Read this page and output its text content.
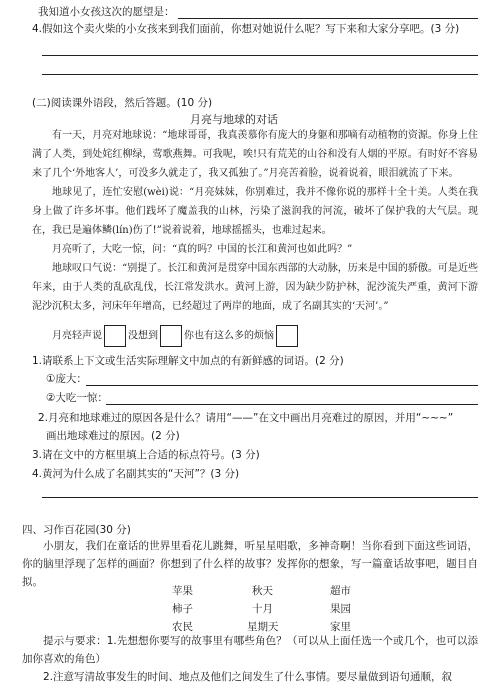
我知道小女孩这次的愿望是：
4.假如这个卖火柴的小女孩来到我们面前，你想对她说什么呢？写下来和大家分享吧。(3 分)
(二)阅读课外语段，然后答题。(10 分)
月亮与地球的对话

有一天，月亮对地球说：“地球哥哥，我真羡慕你有庞大的身躯和那嘀有动植物的资源。你身上住满了人类，到处姹红柳绿，莺歌燕舞。可我呢，唉!只有荒芜的山谷和没有人烟的平原。有时好不容易来了几个‘外地客人’，可没多久就走了，我又孤独了。”月亮苦着脸，说着说着，眼泪就流了下来。

地球见了，连忙安慰(wèi)说：“月亮妹妹，你别难过，我并不像你说的那样十全十美。人类在我身上做了许多坏事。他们践坏了魔盖我的山林，污染了滋润我的河流，破坏了保护我的大气层。现在，我已是遍体鳞(lín)伤了!”说着说着，地球摇摇头，也难过起来。

月亮听了，大吃一惊，问：“真的吗？中国的长江和黄河也如此吗？”

地球叹口气说：“别提了。长江和黄河是贯穿中国东西部的大动脉，历来是中国的骄傲。可是近些年来，由于人类的乱砍乱伐，长江常发洪水。黄河上游，因为缺少防护林，泥沙流失严重，黄河下游泥沙沉积太多，河床年年增高，已经超过了两岸的地面，成了名副其实的‘天河’。”

月亮轻声说	没想到	你也有这么多的烦恼
1.请联系上下文或生活实际理解文中加点的有新鲜感的词语。(2 分)
①庞大：
②大吃一惊：
2.月亮和地球难过的原因各是什么？请用“——”在文中画出月亮难过的原因，并用“~~~”
画出地球难过的原因。(2 分)
3.请在文中的方框里填上合适的标点符号。(3 分)
4.黄河为什么成了名副其实的“天河”？(3 分)
四、习作百花园(30 分)

小朋友，我们在童话的世界里看花儿跳舞，听星星唱歌，多神奇啊！当你看到下面这些词语，你的脑里浮现了怎样的画面？你想到了什么样的故事？发挥你的想象，写一篇童话故事吧，题目自拟。

苹果	秋天	超市
柿子	十月	果园
农民	星期天	家里

提示与要求：1.先想想你要写的故事里有哪些角色？（可以从上面任选一个或几个，也可以添加你喜欢的角色）

2.注意写清故事发生的时间、地点及他们之间发生了什么事情。要尽量做到语句通顺，叙
